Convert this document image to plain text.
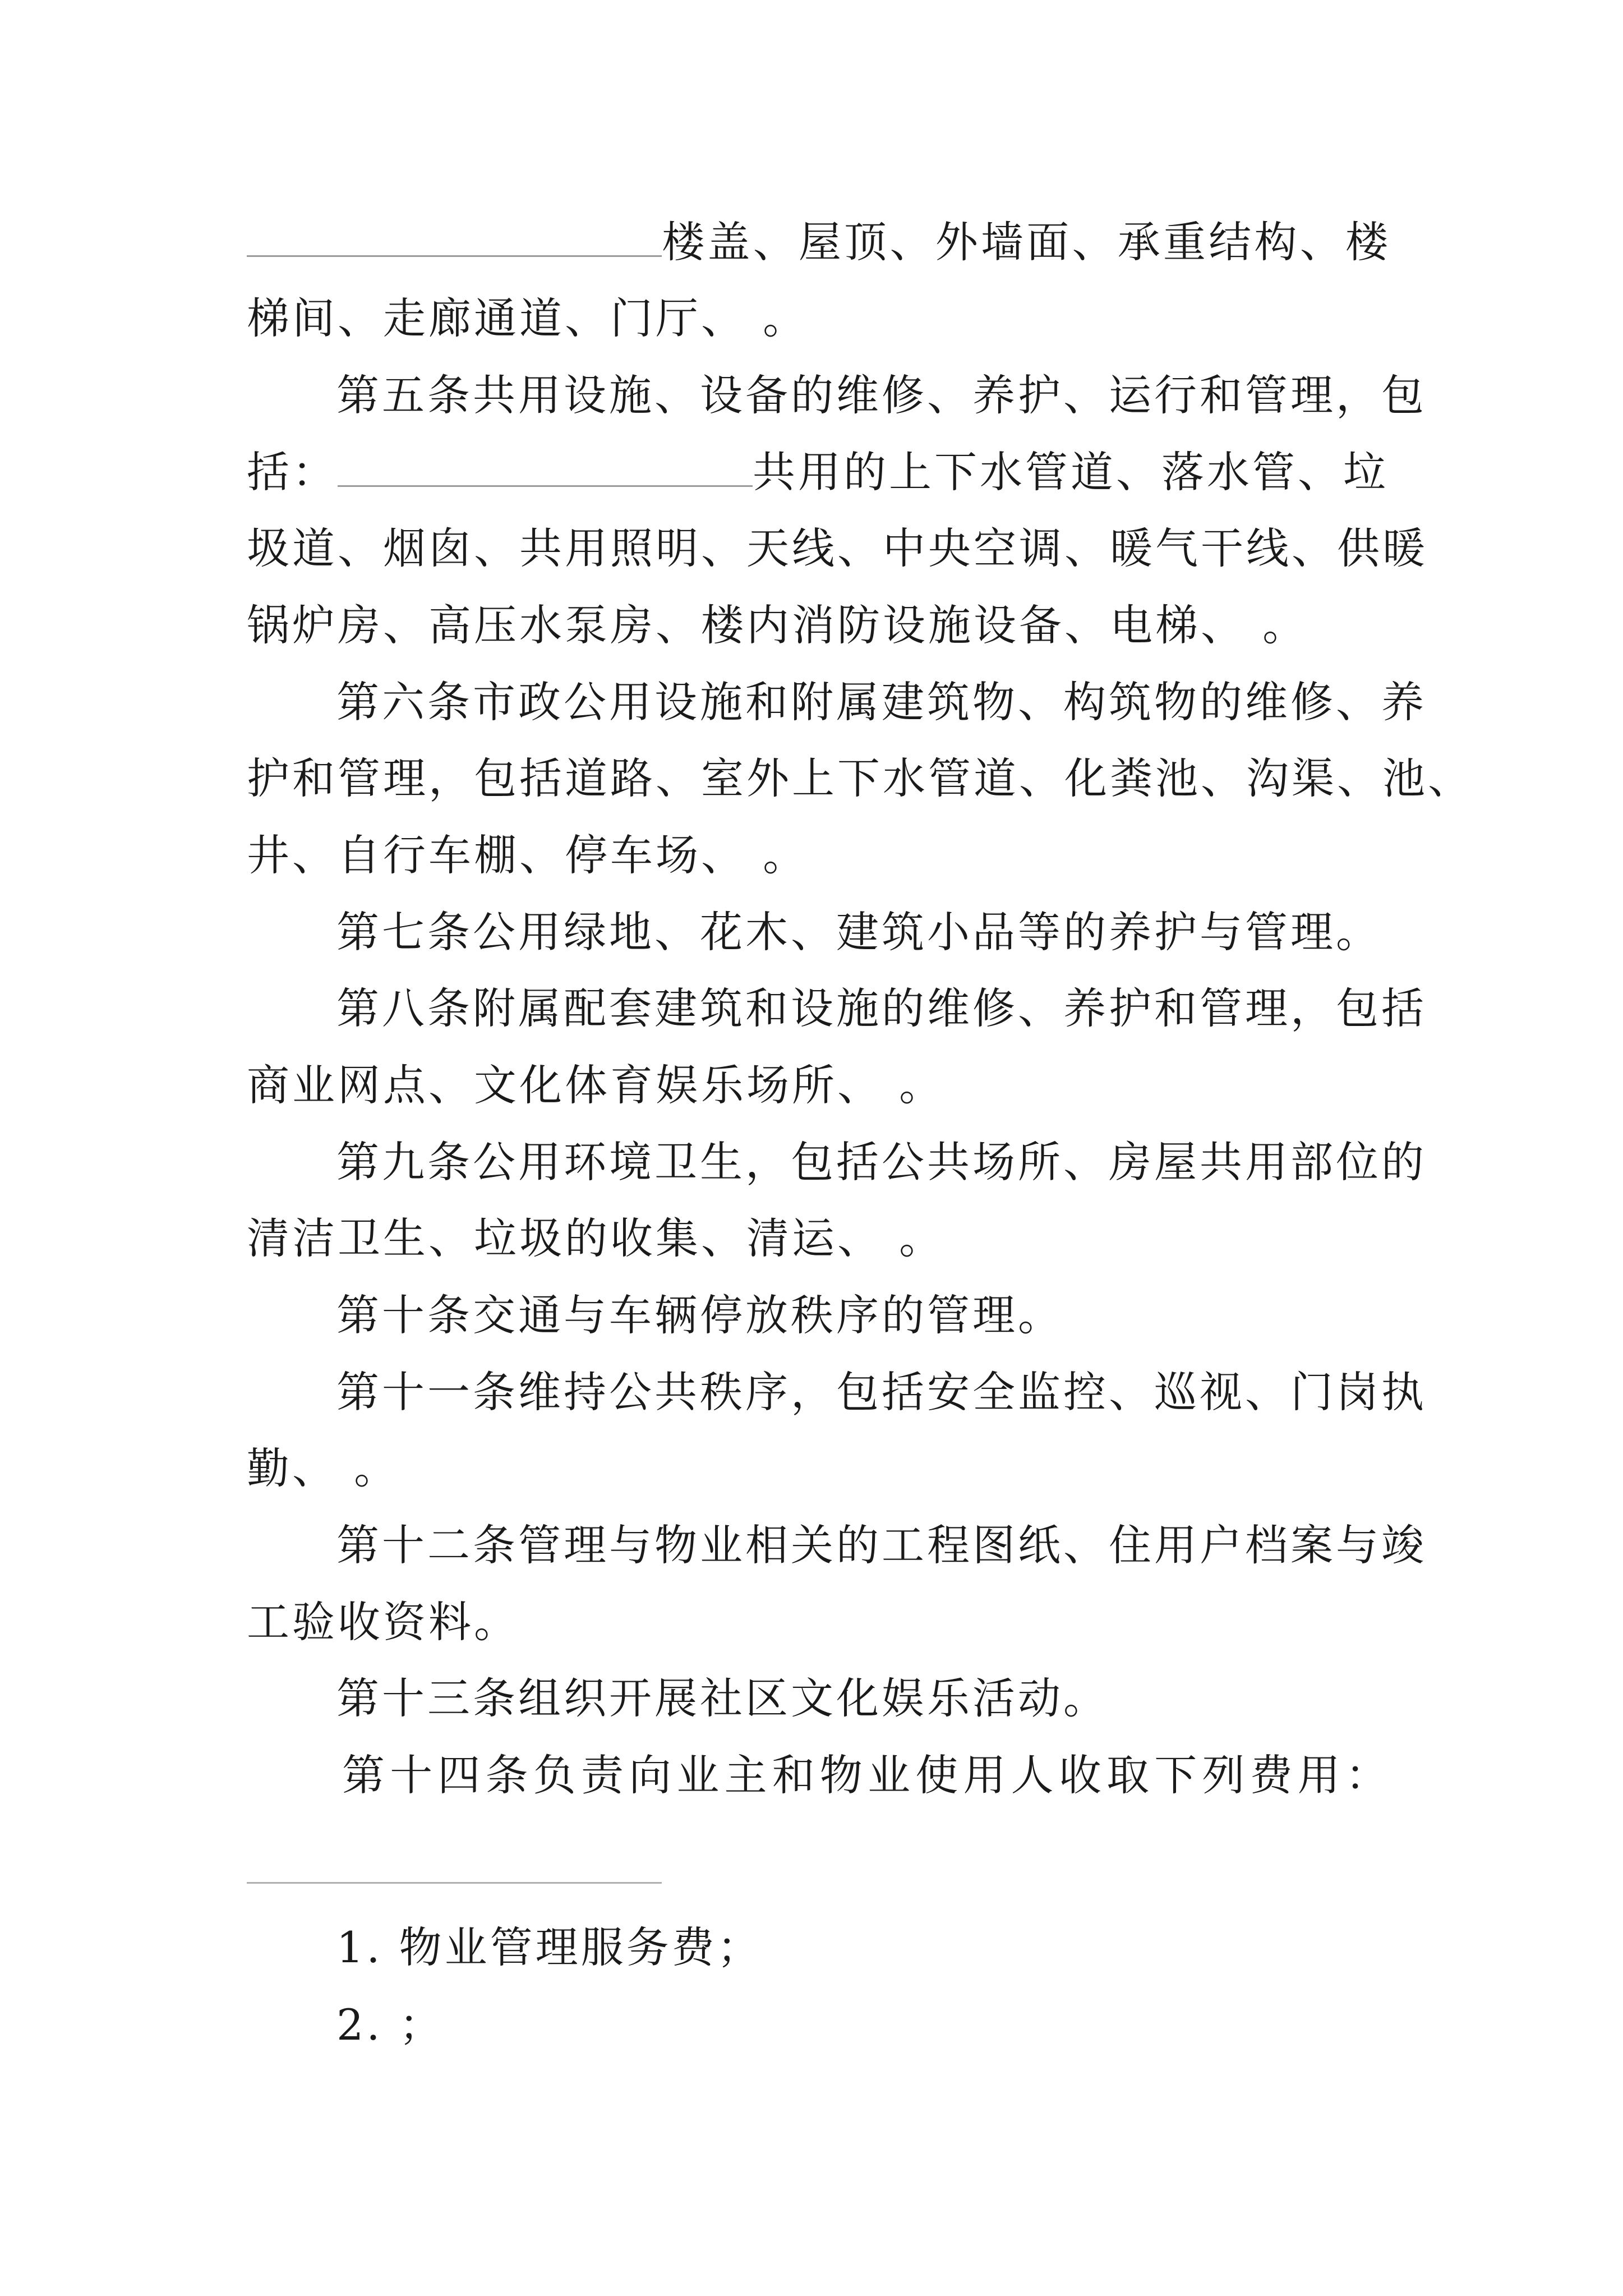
楼盖、屋顶、外墙面、承重结构、楼
梯间、走廊通道、门厅、 。
第五条共用设施、设备的维修、养护、运行和管理，包
括：	共用的上下水管道、落水管、垃
圾道、烟囱、共用照明、天线、中央空调、暖气干线、供暖
锅炉房、高压水泵房、楼内消防设施设备、电梯、 。
第六条市政公用设施和附属建筑物、构筑物的维修、养
护和管理，包括道路、室外上下水管道、化粪池、沟渠、池、
井、自行车棚、停车场、 。
第七条公用绿地、花木、建筑小品等的养护与管理。
第八条附属配套建筑和设施的维修、养护和管理，包括
商业网点、文化体育娱乐场所、 。
第九条公用环境卫生，包括公共场所、房屋共用部位的
清洁卫生、垃圾的收集、清运、 。
第十条交通与车辆停放秩序的管理。
第十一条维持公共秩序，包括安全监控、巡视、门岗执
勤、 。
第十二条管理与物业相关的工程图纸、住用户档案与竣
工验收资料。
第十三条组织开展社区文化娱乐活动。
第十四条负责向业主和物业使用人收取下列费用：
1. 物业管理服务费；
2. ；
